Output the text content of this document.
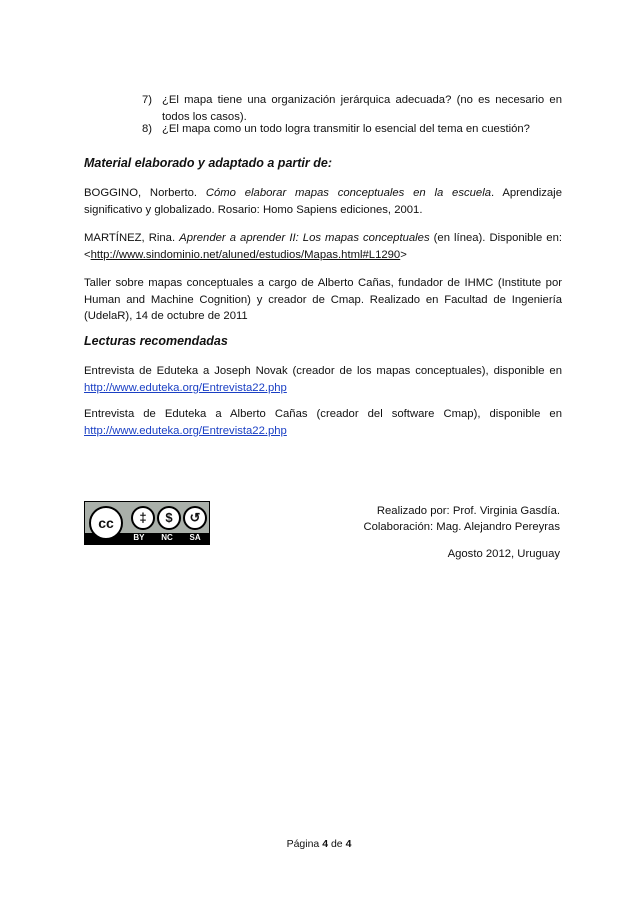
7) ¿El mapa tiene una organización jerárquica adecuada? (no es necesario en todos los casos).
8) ¿El mapa como un todo logra transmitir lo esencial del tema en cuestión?
Material elaborado y adaptado a partir de:
BOGGINO, Norberto. Cómo elaborar mapas conceptuales en la escuela. Aprendizaje significativo y globalizado. Rosario: Homo Sapiens ediciones, 2001.
MARTÍNEZ, Rina. Aprender a aprender II: Los mapas conceptuales (en línea). Disponible en: <http://www.sindominio.net/aluned/estudios/Mapas.html#L1290>
Taller sobre mapas conceptuales a cargo de Alberto Cañas, fundador de IHMC (Institute por Human and Machine Cognition) y creador de Cmap. Realizado en Facultad de Ingeniería (UdelaR), 14 de octubre de 2011
Lecturas recomendadas
Entrevista de Eduteka a Joseph Novak (creador de los mapas conceptuales), disponible en http://www.eduteka.org/Entrevista22.php
Entrevista de Eduteka a Alberto Cañas (creador del software Cmap), disponible en http://www.eduteka.org/Entrevista22.php
cc	‡	$	↺
BY NC SA
Realizado por: Prof. Virginia Gasdía.
Colaboración: Mag. Alejandro Pereyras
Agosto 2012, Uruguay
Página 4 de 4
